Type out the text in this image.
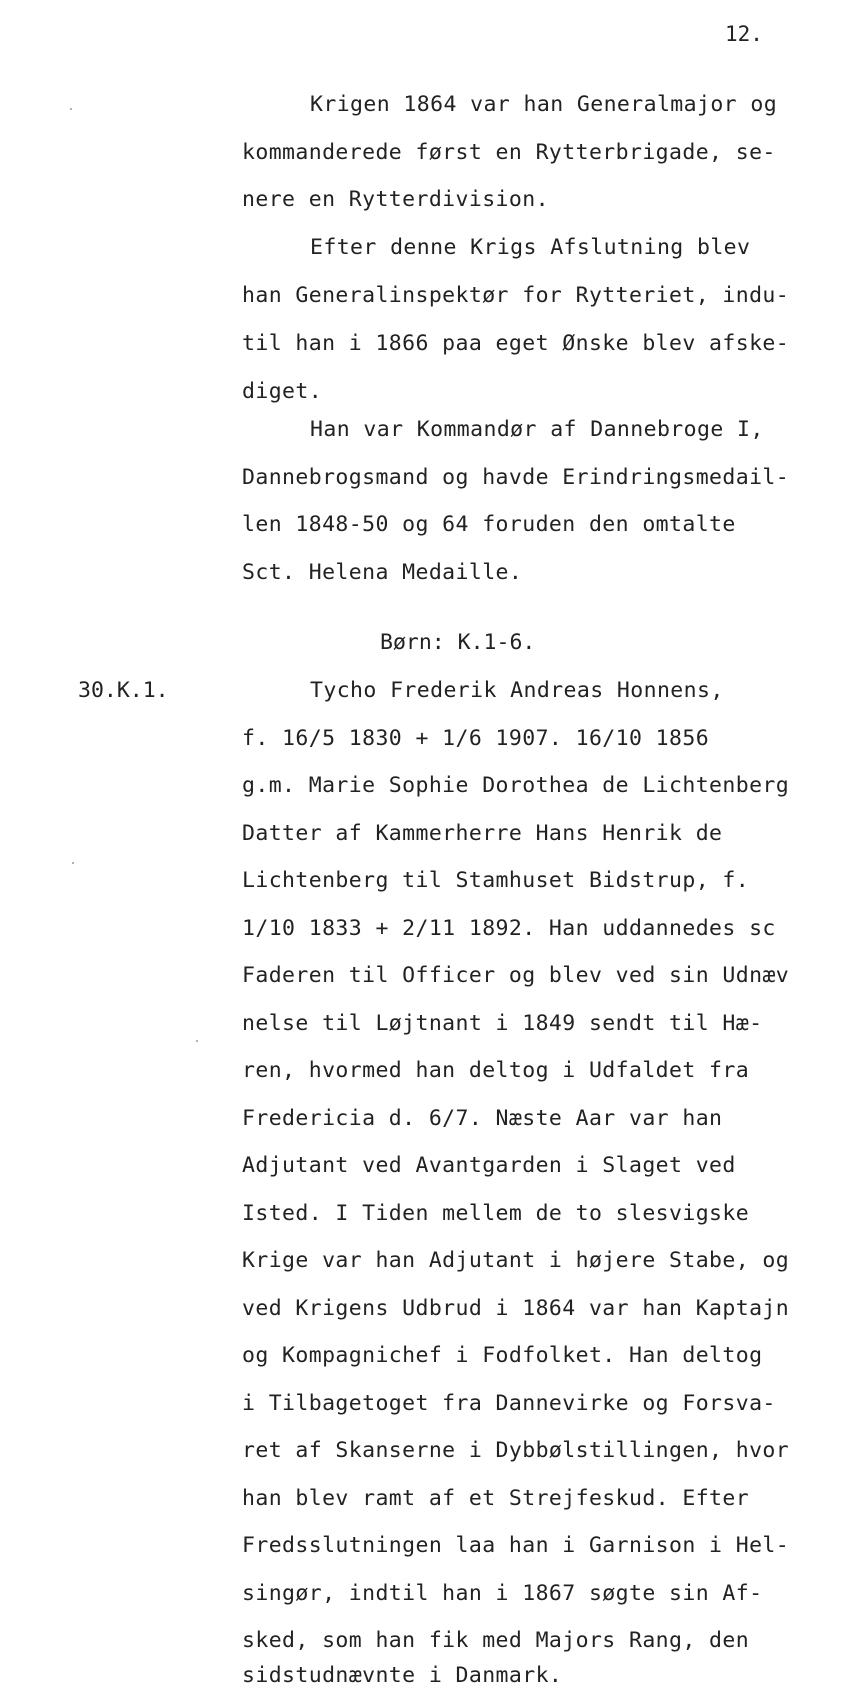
12.
Krigen 1864 var han Generalmajor og
kommanderede først en Rytterbrigade, se-
nere en Rytterdivision.
Efter denne Krigs Afslutning blev
han Generalinspektør for Rytteriet, indu-
til han i 1866 paa eget Ønske blev afske-
diget.
Han var Kommandør af Dannebroge I,
Dannebrogsmand og havde Erindringsmedail-
len 1848-50 og 64 foruden den omtalte
Sct. Helena Medaille.
Børn: K.1-6.
30.K.1.	Tycho Frederik Andreas Honnens,
f. 16/5 1830 + 1/6 1907. 16/10 1856
g.m. Marie Sophie Dorothea de Lichtenberg
Datter af Kammerherre Hans Henrik de
Lichtenberg til Stamhuset Bidstrup, f.
1/10 1833 + 2/11 1892. Han uddannedes sc
Faderen til Officer og blev ved sin Udnæv
nelse til Løjtnant i 1849 sendt til Hæ-
ren, hvormed han deltog i Udfaldet fra
Fredericia d. 6/7. Næste Aar var han
Adjutant ved Avantgarden i Slaget ved
Isted. I Tiden mellem de to slesvigske
Krige var han Adjutant i højere Stabe, og
ved Krigens Udbrud i 1864 var han Kaptajn
og Kompagnichef i Fodfolket. Han deltog
i Tilbagetoget fra Dannevirke og Forsva-
ret af Skanserne i Dybbølstillingen, hvor
han blev ramt af et Strejfeskud. Efter
Fredsslutningen laa han i Garnison i Hel-
singør, indtil han i 1867 søgte sin Af-
sked, som han fik med Majors Rang, den
sidstudnævnte i Danmark.
